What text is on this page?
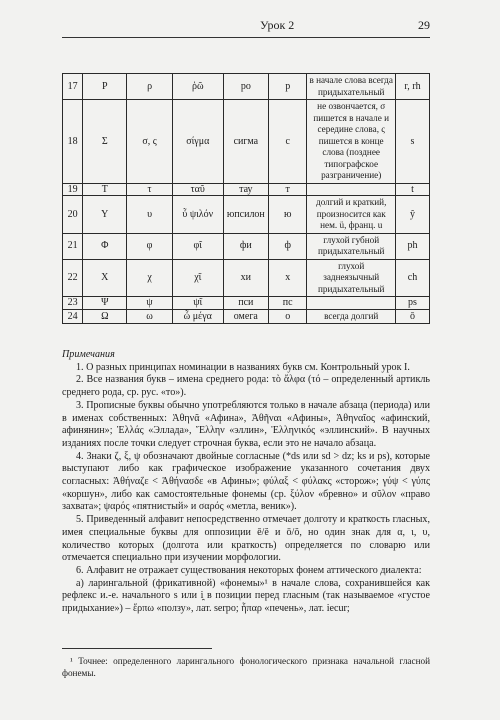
Урок 2	29
17	Ρ	ρ	ῥῶ	ро	р	в начале слова всегда придыхательный	r, rh
18	Σ	σ, ς	σίγμα	сигма	с	не озвончается, σ пишется в начале и середине слова, ς пишется в конце слова (позднее типографское разграничение)	s
19	Τ	τ	ταῦ	тау	т		t
20	Υ	υ	ὖ ψιλόν	юпсилон	ю	долгий и краткий, произносится как нем. ü, франц. u	ŷ
21	Φ	φ	φῖ	фи	ф	глухой губной придыхательный	ph
22	Χ	χ	χῖ	хи	х	глухой заднеязычный придыхательный	ch
23	Ψ	ψ	ψῖ	пси	пс		ps
24	Ω	ω	ὦ μέγα	омега	о	всегда долгий	ō

Примечания

1. О разных принципах номинации в названиях букв см. Контрольный урок I.

2. Все названия букв – имена среднего рода: τὸ ἄλφα (τό – определенный артикль среднего рода, ср. рус. «то»).

3. Прописные буквы обычно употребляются только в начале абзаца (периода) или в именах собственных: Ἀθηνᾶ «Афина», Ἀθῆναι «Афины», Ἀθηναῖος «афинский, афинянин»; Ἑλλάς «Эллада», Ἕλλην «эллин», Ἑλληνικός «эллинский». В научных изданиях после точки следует строчная буква, если это не начало абзаца.

4. Знаки ζ, ξ, ψ обозначают двойные согласные (*ds или sd > dz; ks и ps), которые выступают либо как графическое изображение указанного сочетания двух согласных: Ἀθήναζε < Ἀθήνασδε «в Афины»; φύλαξ < φύλακς «сторож»; γύψ < γύπς «коршун», либо как самостоятельные фонемы (ср. ξύλον «бревно» и σῦλον «право захвата»; ψαρός «пятнистый» и σαρός «метла, веник»).

5. Приведенный алфавит непосредственно отмечает долготу и краткость гласных, имея специальные буквы для оппозиции ē/ĕ и ō/ŏ, но один знак для α, ι, υ, количество которых (долгота или краткость) определяется по словарю или отмечается специально при изучении морфологии.

6. Алфавит не отражает существования некоторых фонем аттического диалекта:

а) ларингальной (фрикативной) «фонемы»¹ в начале слова, сохранившейся как рефлекс и.-е. начального s или i̯ в позиции перед гласным (так называемое «густое придыхание») – ἕρπω «ползу», лат. serpo; ἧπαρ «печень», лат. iecur;

¹ Точнее: определенного ларингального фонологического признака начальной гласной фонемы.
